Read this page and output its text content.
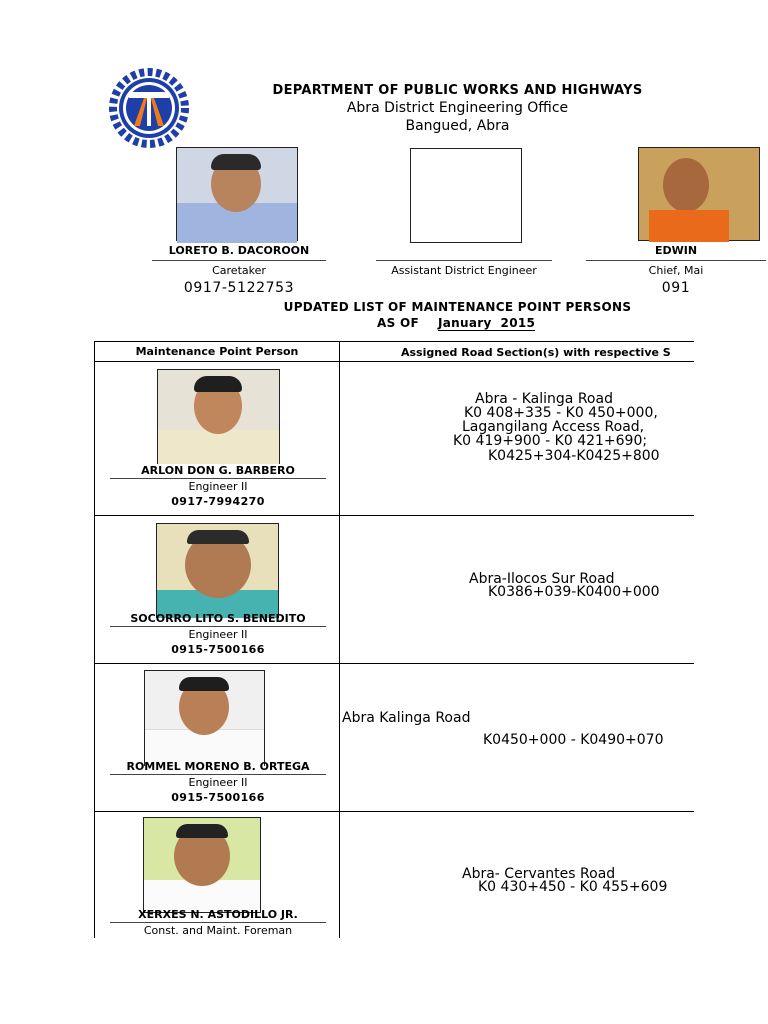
DEPARTMENT OF PUBLIC WORKS AND HIGHWAYS
Abra District Engineering Office
Bangued, Abra
LORETO B. DACOROON
Caretaker
0917-5122753
Assistant District Engineer
EDWIN
Chief, Mai
091
UPDATED LIST OF MAINTENANCE POINT PERSONS
AS OF January  2015
Maintenance Point Person	Assigned Road Section(s) with respective S
ARLON DON G. BARBERO
Engineer II
0917-7994270
Abra - Kalinga Road
K0 408+335 - K0 450+000,
Lagangilang Access Road,
K0 419+900 - K0 421+690;
K0425+304-K0425+800
SOCORRO LITO S. BENEDITO
Engineer II
0915-7500166
Abra-Ilocos Sur Road
K0386+039-K0400+000
ROMMEL MORENO B. ORTEGA
Engineer II
0915-7500166
Abra Kalinga Road
K0450+000 - K0490+070
XERXES N. ASTODILLO JR.
Const. and Maint. Foreman
Abra- Cervantes Road
K0 430+450 - K0 455+609
